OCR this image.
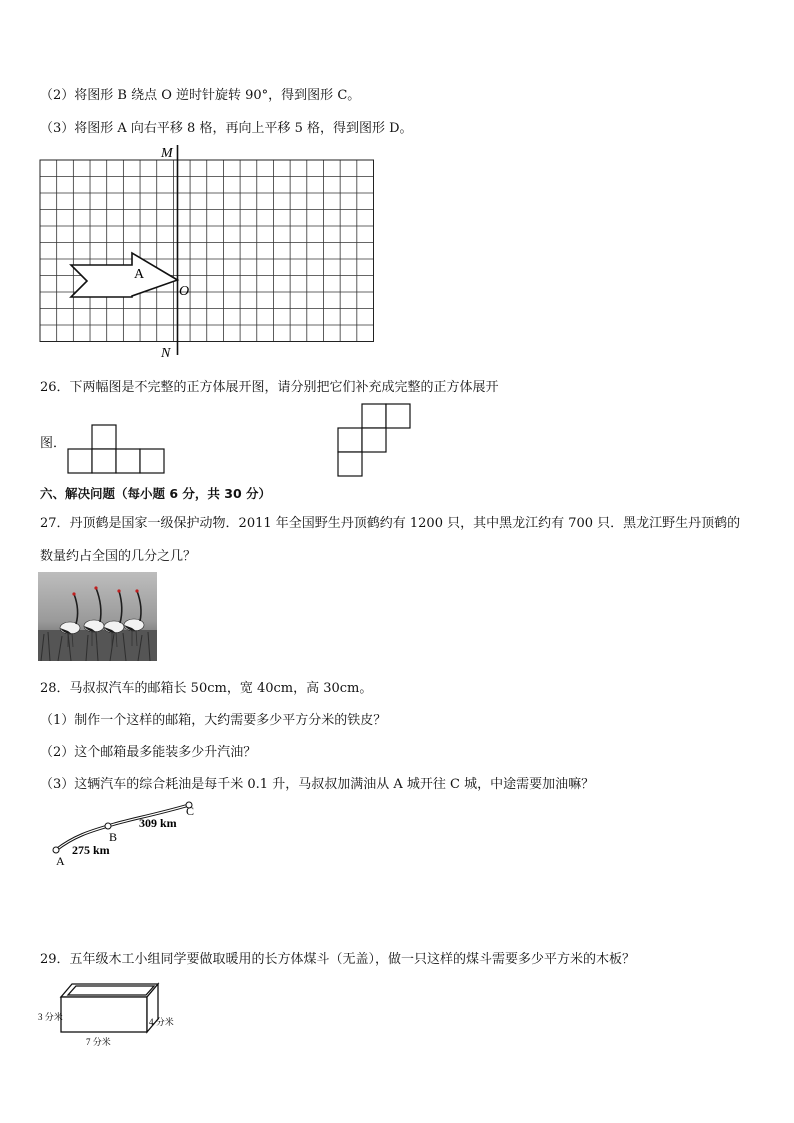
（2）将图形 B 绕点 O 逆时针旋转 90°，得到图形 C。
（3）将图形 A 向右平移 8 格，再向上平移 5 格，得到图形 D。
M
N
O
A
26．下两幅图是不完整的正方体展开图，请分别把它们补充成完整的正方体展开
图．
六、解决问题（每小题 6 分，共 30 分）
27．丹顶鹤是国家一级保护动物．2011 年全国野生丹顶鹤约有 1200 只，其中黑龙江约有 700 只．黑龙江野生丹顶鹤的
数量约占全国的几分之几？
28．马叔叔汽车的邮箱长 50cm，宽 40cm，高 30cm。
（1）制作一个这样的邮箱，大约需要多少平方分米的铁皮？
（2）这个邮箱最多能装多少升汽油？
（3）这辆汽车的综合耗油是每千米 0.1 升，马叔叔加满油从 A 城开往 C 城，中途需要加油嘛？
A
B
C
275 km
309 km
29．五年级木工小组同学要做取暖用的长方体煤斗（无盖），做一只这样的煤斗需要多少平方米的木板？
3 分米	4 分米
7 分米
